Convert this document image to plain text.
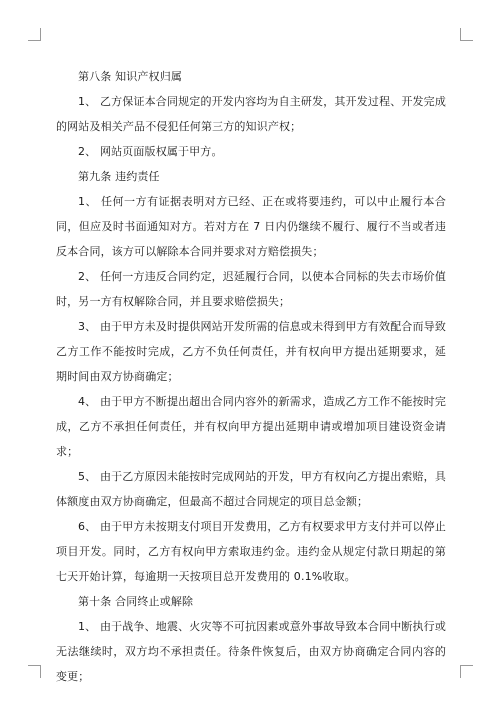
第八条 知识产权归属

1、 乙方保证本合同规定的开发内容均为自主研发，其开发过程、开发完成的网站及相关产品不侵犯任何第三方的知识产权；

2、 网站页面版权属于甲方。

第九条 违约责任

1、 任何一方有证据表明对方已经、正在或将要违约，可以中止履行本合同，但应及时书面通知对方。若对方在 7 日内仍继续不履行、履行不当或者违反本合同，该方可以解除本合同并要求对方赔偿损失；

2、 任何一方违反合同约定，迟延履行合同，以使本合同标的失去市场价值时，另一方有权解除合同，并且要求赔偿损失；

3、 由于甲方未及时提供网站开发所需的信息或未得到甲方有效配合而导致乙方工作不能按时完成，乙方不负任何责任，并有权向甲方提出延期要求，延期时间由双方协商确定；

4、 由于甲方不断提出超出合同内容外的新需求，造成乙方工作不能按时完成，乙方不承担任何责任，并有权向甲方提出延期申请或增加项目建设资金请求；

5、 由于乙方原因未能按时完成网站的开发，甲方有权向乙方提出索赔，具体额度由双方协商确定，但最高不超过合同规定的项目总金额；

6、 由于甲方未按期支付项目开发费用，乙方有权要求甲方支付并可以停止项目开发。同时，乙方有权向甲方索取违约金。违约金从规定付款日期起的第七天开始计算，每逾期一天按项目总开发费用的 0.1%收取。

第十条 合同终止或解除

1、 由于战争、地震、火灾等不可抗因素或意外事故导致本合同中断执行或无法继续时，双方均不承担责任。待条件恢复后，由双方协商确定合同内容的变更；
